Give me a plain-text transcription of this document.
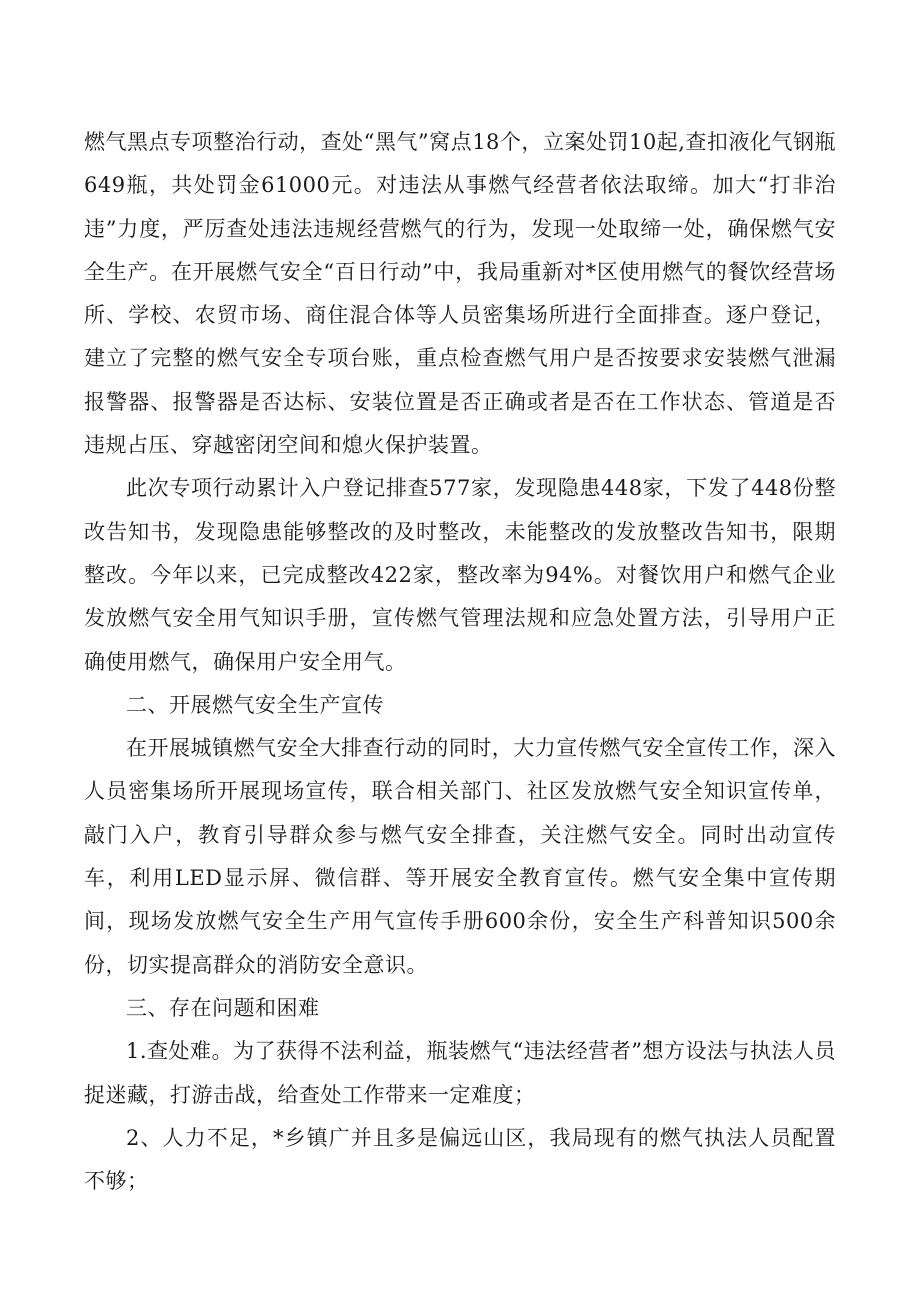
燃气黑点专项整治行动，查处“黑气”窝点18个，立案处罚10起,查扣液化气钢瓶649瓶，共处罚金61000元。对违法从事燃气经营者依法取缔。加大“打非治违”力度，严厉查处违法违规经营燃气的行为，发现一处取缔一处，确保燃气安全生产。在开展燃气安全“百日行动”中，我局重新对*区使用燃气的餐饮经营场所、学校、农贸市场、商住混合体等人员密集场所进行全面排查。逐户登记，建立了完整的燃气安全专项台账，重点检查燃气用户是否按要求安装燃气泄漏报警器、报警器是否达标、安装位置是否正确或者是否在工作状态、管道是否违规占压、穿越密闭空间和熄火保护装置。

此次专项行动累计入户登记排查577家，发现隐患448家，下发了448份整改告知书，发现隐患能够整改的及时整改，未能整改的发放整改告知书，限期整改。今年以来，已完成整改422家，整改率为94%。对餐饮用户和燃气企业发放燃气安全用气知识手册，宣传燃气管理法规和应急处置方法，引导用户正确使用燃气，确保用户安全用气。

二、开展燃气安全生产宣传

在开展城镇燃气安全大排查行动的同时，大力宣传燃气安全宣传工作，深入人员密集场所开展现场宣传，联合相关部门、社区发放燃气安全知识宣传单，敲门入户，教育引导群众参与燃气安全排查，关注燃气安全。同时出动宣传车，利用LED显示屏、微信群、等开展安全教育宣传。燃气安全集中宣传期间，现场发放燃气安全生产用气宣传手册600余份，安全生产科普知识500余份，切实提高群众的消防安全意识。

三、存在问题和困难

1.查处难。为了获得不法利益，瓶装燃气“违法经营者”想方设法与执法人员捉迷藏，打游击战，给查处工作带来一定难度；

2、人力不足，*乡镇广并且多是偏远山区，我局现有的燃气执法人员配置不够；
